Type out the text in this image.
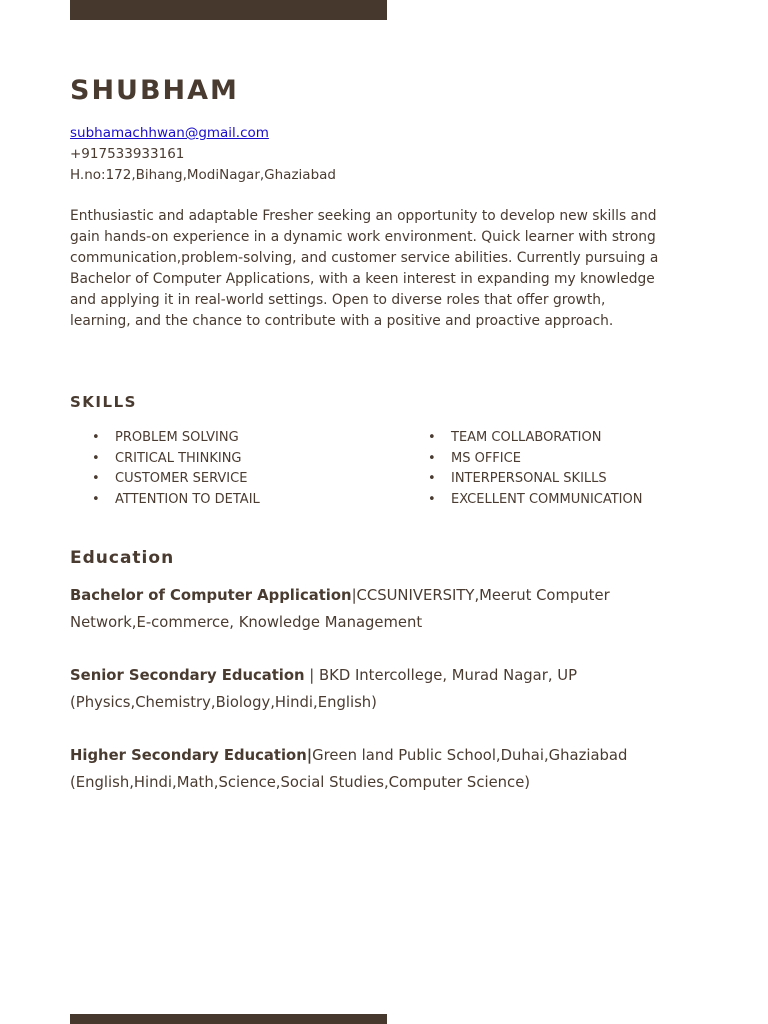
SHUBHAM
subhamachhwan@gmail.com
+917533933161
H.no:172,Bihang,ModiNagar,Ghaziabad

Enthusiastic and adaptable Fresher seeking an opportunity to develop new skills and gain hands-on experience in a dynamic work environment. Quick learner with strong communication,problem-solving, and customer service abilities. Currently pursuing a Bachelor of Computer Applications, with a keen interest in expanding my knowledge and applying it in real-world settings. Open to diverse roles that offer growth, learning, and the chance to contribute with a positive and proactive approach.

SKILLS
• PROBLEM SOLVING
• CRITICAL THINKING
• CUSTOMER SERVICE
• ATTENTION TO DETAIL
• TEAM COLLABORATION
• MS OFFICE
• INTERPERSONAL SKILLS
• EXCELLENT COMMUNICATION
Education

Bachelor of Computer Application|CCSUNIVERSITY,Meerut Computer Network,E-commerce, Knowledge Management

Senior Secondary Education | BKD Intercollege, Murad Nagar, UP (Physics,Chemistry,Biology,Hindi,English)

Higher Secondary Education|Green land Public School,Duhai,Ghaziabad (English,Hindi,Math,Science,Social Studies,Computer Science)
